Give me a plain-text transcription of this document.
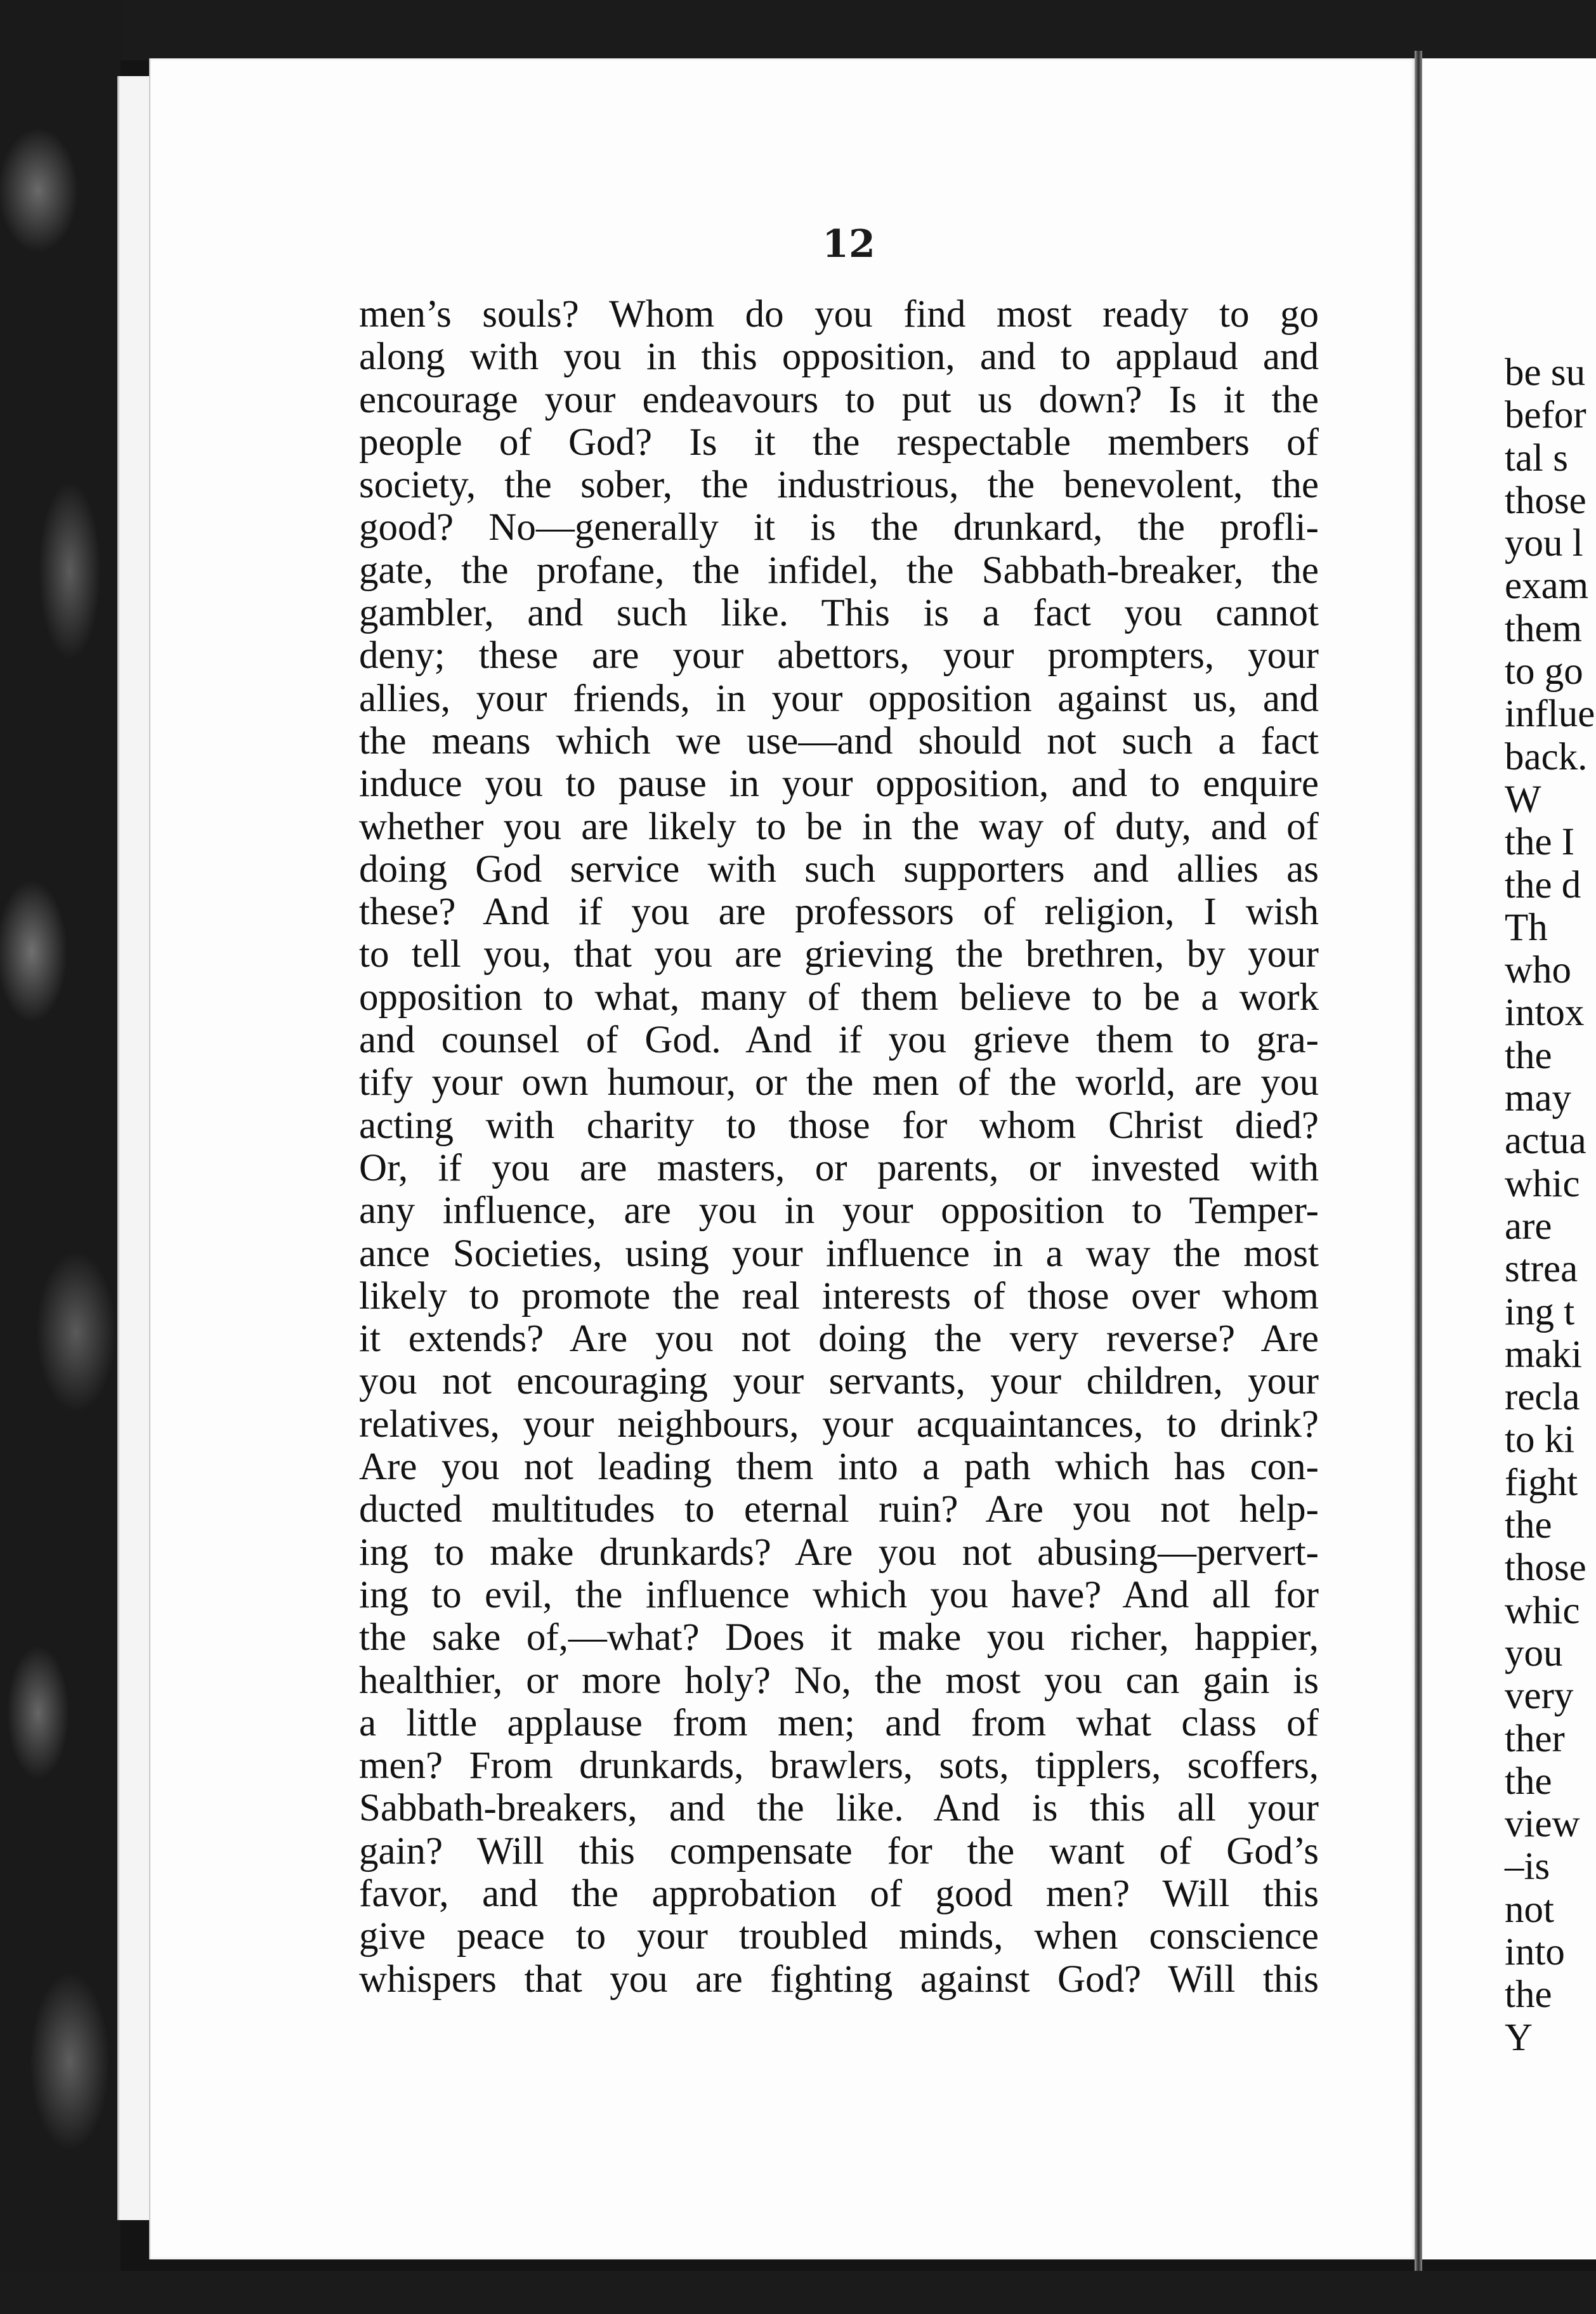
12
men’s souls? Whom do you find most ready to go
along with you in this opposition, and to applaud and
encourage your endeavours to put us down? Is it the
people of God? Is it the respectable members of
society, the sober, the industrious, the benevolent, the
good? No—generally it is the drunkard, the profli-
gate, the profane, the infidel, the Sabbath-breaker, the
gambler, and such like. This is a fact you cannot
deny; these are your abettors, your prompters, your
allies, your friends, in your opposition against us, and
the means which we use—and should not such a fact
induce you to pause in your opposition, and to enquire
whether you are likely to be in the way of duty, and of
doing God service with such supporters and allies as
these? And if you are professors of religion, I wish
to tell you, that you are grieving the brethren, by your
opposition to what, many of them believe to be a work
and counsel of God. And if you grieve them to gra-
tify your own humour, or the men of the world, are you
acting with charity to those for whom Christ died?
Or, if you are masters, or parents, or invested with
any influence, are you in your opposition to Temper-
ance Societies, using your influence in a way the most
likely to promote the real interests of those over whom
it extends? Are you not doing the very reverse? Are
you not encouraging your servants, your children, your
relatives, your neighbours, your acquaintances, to drink?
Are you not leading them into a path which has con-
ducted multitudes to eternal ruin? Are you not help-
ing to make drunkards? Are you not abusing—pervert-
ing to evil, the influence which you have? And all for
the sake of,—what? Does it make you richer, happier,
healthier, or more holy? No, the most you can gain is
a little applause from men; and from what class of
men? From drunkards, brawlers, sots, tipplers, scoffers,
Sabbath-breakers, and the like. And is this all your
gain? Will this compensate for the want of God’s
favor, and the approbation of good men? Will this
give peace to your troubled minds, when conscience
whispers that you are fighting against God? Will this
be su
befor
tal s
those
you l
exam
them
to go
influe
back.
W
the I
the d
Th
who
intox
the
may
actua
whic
are
strea
ing t
maki
recla
to ki
fight
the
those
whic
you
very
ther
the
view
–is
not
into
the
Y
